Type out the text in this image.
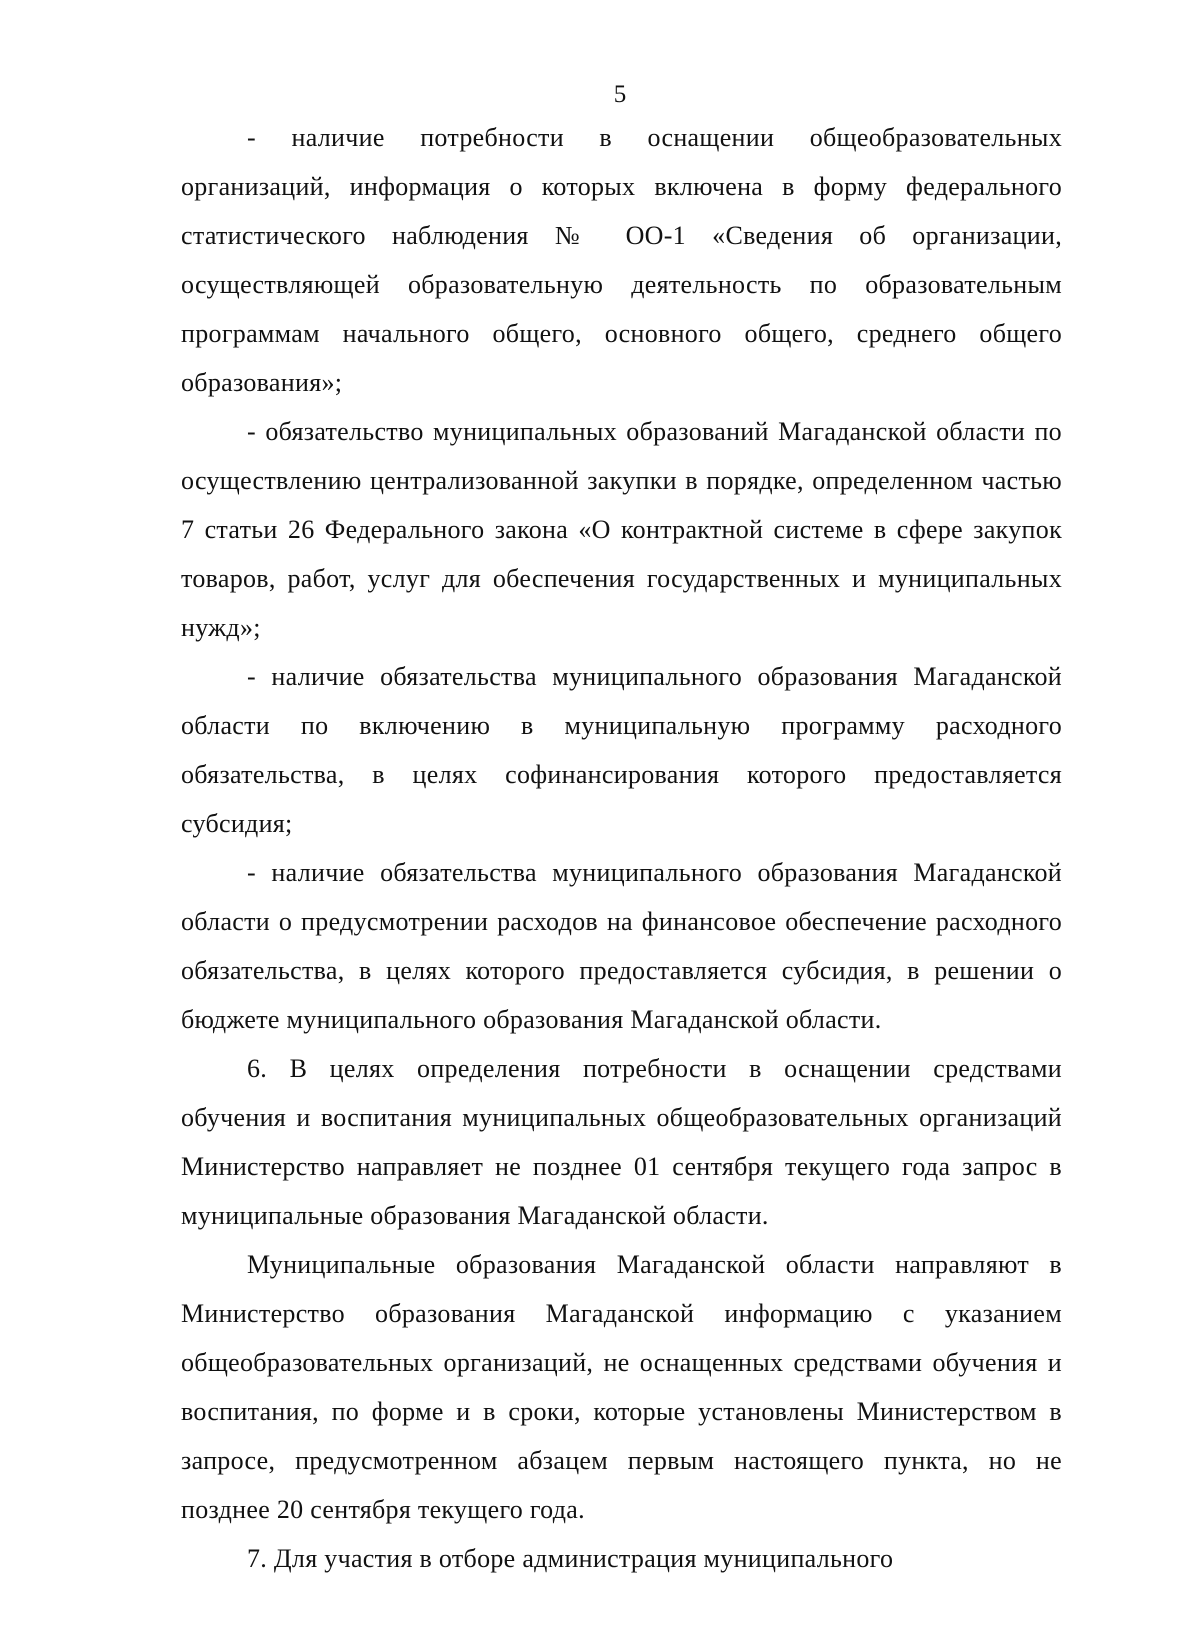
5

- наличие потребности в оснащении общеобразовательных организаций, информация о которых включена в форму федерального статистического наблюдения № ОО-1 «Сведения об организации, осуществляющей образовательную деятельность по образовательным программам начального общего, основного общего, среднего общего образования»;

- обязательство муниципальных образований Магаданской области по осуществлению централизованной закупки в порядке, определенном частью 7 статьи 26 Федерального закона «О контрактной системе в сфере закупок товаров, работ, услуг для обеспечения государственных и муниципальных нужд»;

- наличие обязательства муниципального образования Магаданской области по включению в муниципальную программу расходного обязательства, в целях софинансирования которого предоставляется субсидия;

- наличие обязательства муниципального образования Магаданской области о предусмотрении расходов на финансовое обеспечение расходного обязательства, в целях которого предоставляется субсидия, в решении о бюджете муниципального образования Магаданской области.

6. В целях определения потребности в оснащении средствами обучения и воспитания муниципальных общеобразовательных организаций Министерство направляет не позднее 01 сентября текущего года запрос в муниципальные образования Магаданской области.

Муниципальные образования Магаданской области направляют в Министерство образования Магаданской информацию с указанием общеобразовательных организаций, не оснащенных средствами обучения и воспитания, по форме и в сроки, которые установлены Министерством в запросе, предусмотренном абзацем первым настоящего пункта, но не позднее 20 сентября текущего года.

7. Для участия в отборе администрация муниципального
